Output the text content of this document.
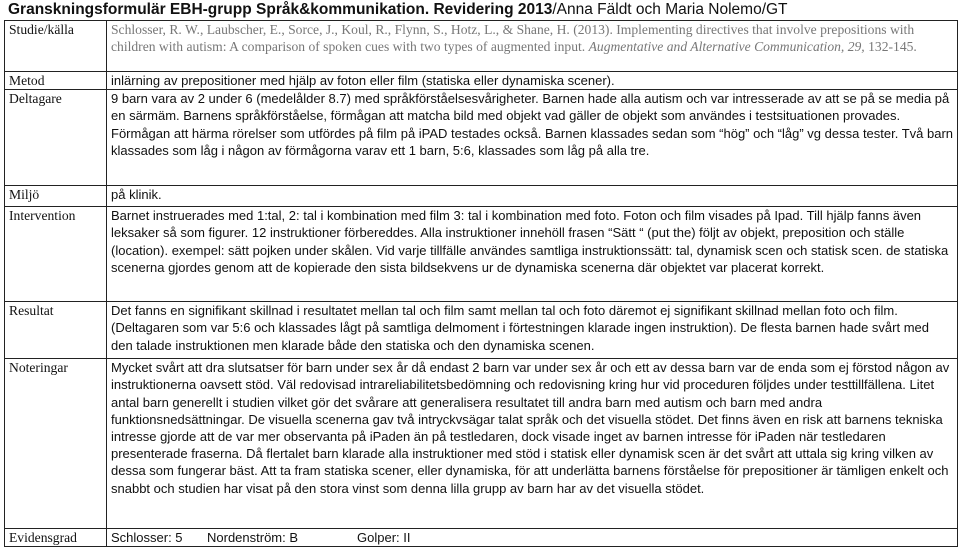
Granskningsformulär EBH-grupp Språk&kommunikation. Revidering 2013/Anna Fäldt och Maria Nolemo/GT
Studie/källa	Schlosser, R. W., Laubscher, E., Sorce, J., Koul, R., Flynn, S., Hotz, L., & Shane, H. (2013). Implementing directives that involve prepositions with children with autism: A comparison of spoken cues with two types of augmented input. Augmentative and Alternative Communication, 29, 132-145.
Metod	inlärning av prepositioner med hjälp av foton eller film (statiska eller dynamiska scener).
Deltagare	9 barn vara av 2 under 6 (medelålder 8.7) med språkförståelsesvårigheter. Barnen hade alla autism och var intresserade av att se på se media på en särmäm. Barnens språkförståelse, förmågan att matcha bild med objekt vad gäller de objekt som användes i testsituationen provades. Förmågan att härma rörelser som utfördes på film på iPAD testades också. Barnen klassades sedan som “hög” och “låg” vg dessa tester. Två barn klassades som låg i någon av förmågorna varav ett 1 barn, 5:6, klassades som låg på alla tre.
Miljö	på klinik.
Intervention	Barnet instruerades med 1:tal, 2: tal i kombination med film 3: tal i kombination med foto. Foton och film visades på Ipad. Till hjälp fanns även leksaker så som figurer. 12 instruktioner förbereddes. Alla instruktioner innehöll frasen “Sätt “ (put the) följt av objekt, preposition och ställe (location). exempel: sätt pojken under skålen. Vid varje tillfälle användes samtliga instruktionssätt: tal, dynamisk scen och statisk scen. de statiska scenerna gjordes genom att de kopierade den sista bildsekvens ur de dynamiska scenerna där objektet var placerat korrekt.
Resultat	Det fanns en signifikant skillnad i resultatet mellan tal och film samt mellan tal och foto däremot ej signifikant skillnad mellan foto och film. (Deltagaren som var 5:6 och klassades lågt på samtliga delmoment i förtestningen klarade ingen instruktion). De flesta barnen hade svårt med den talade instruktionen men klarade både den statiska och den dynamiska scenen.
Noteringar	Mycket svårt att dra slutsatser för barn under sex år då endast 2 barn var under sex år och ett av dessa barn var de enda som ej förstod någon av instruktionerna oavsett stöd. Väl redovisad intrareliabilitetsbedömning och redovisning kring hur vid proceduren följdes under testtillfällena. Litet antal barn generellt i studien vilket gör det svårare att generalisera resultatet till andra barn med autism och barn med andra funktionsnedsättningar. De visuella scenerna gav två intryckvsägar talat språk och det visuella stödet. Det finns även en risk att barnens tekniska intresse gjorde att de var mer observanta på iPaden än på testledaren, dock visade inget av barnen intresse för iPaden när testledaren presenterade fraserna. Då flertalet barn klarade alla instruktioner med stöd i statisk eller dynamisk scen är det svårt att uttala sig kring vilken av dessa som fungerar bäst. Att ta fram statiska scener, eller dynamiska, för att underlätta barnens förståelse för prepositioner är tämligen enkelt och snabbt och studien har visat på den stora vinst som denna lilla grupp av barn har av det visuella stödet.
Evidensgrad	Schlosser: 5 Nordenström: B Golper: II
